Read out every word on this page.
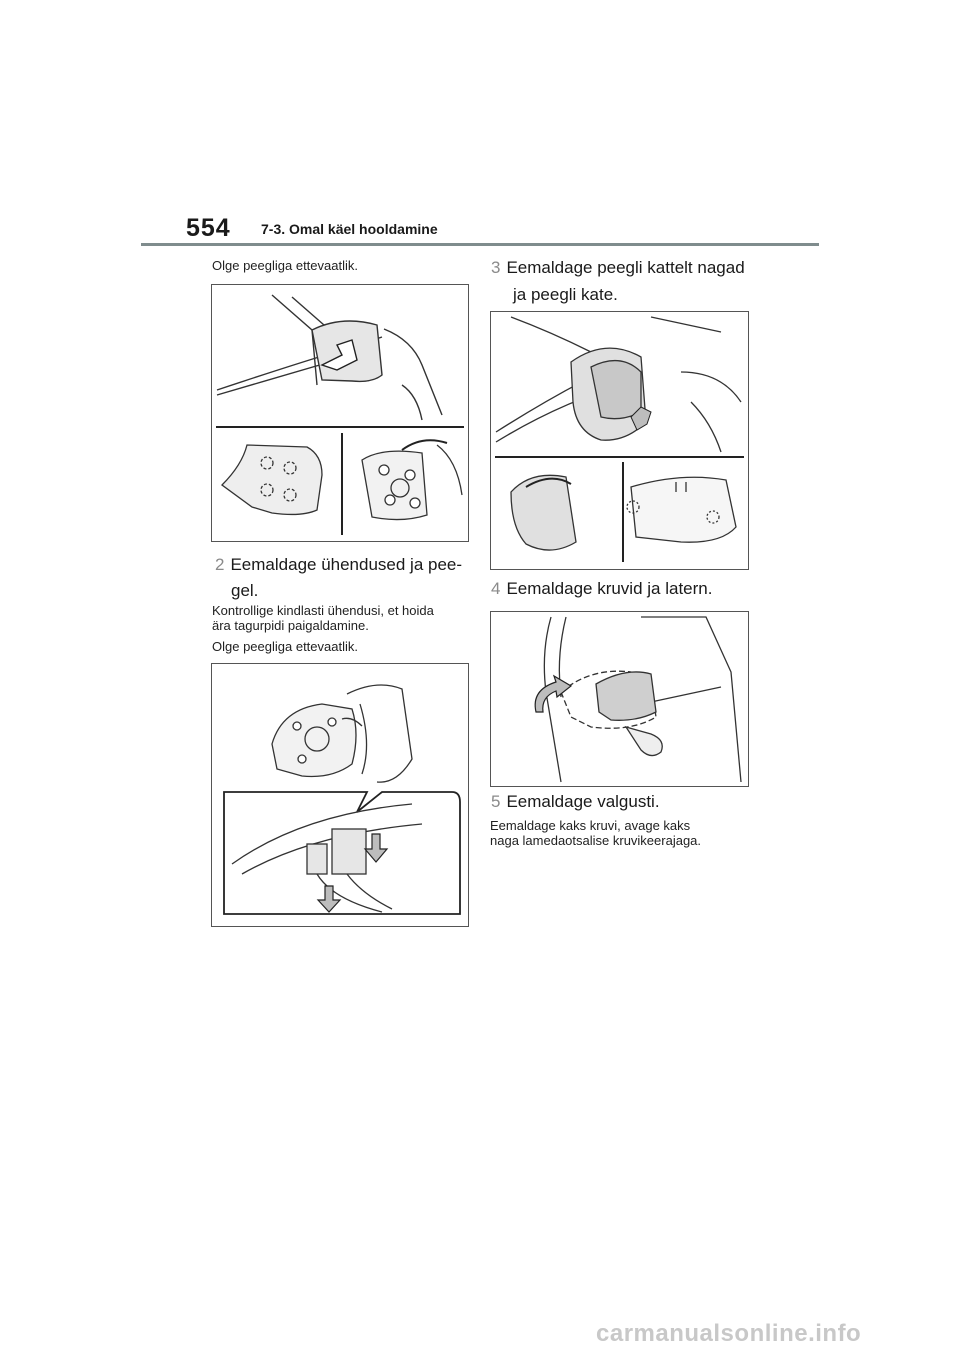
554 7-3. Omal käel hooldamine
Olge peegliga ettevaatlik.
2 Eemaldage ühendused ja pee-
gel.
Kontrollige kindlasti ühendusi, et hoida
ära tagurpidi paigaldamine.
Olge peegliga ettevaatlik.
3 Eemaldage peegli kattelt nagad
ja peegli kate.
4 Eemaldage kruvid ja latern.
5 Eemaldage valgusti.
Eemaldage kaks kruvi, avage kaks
naga lamedaotsalise kruvikeerajaga.
carmanualsonline.info
